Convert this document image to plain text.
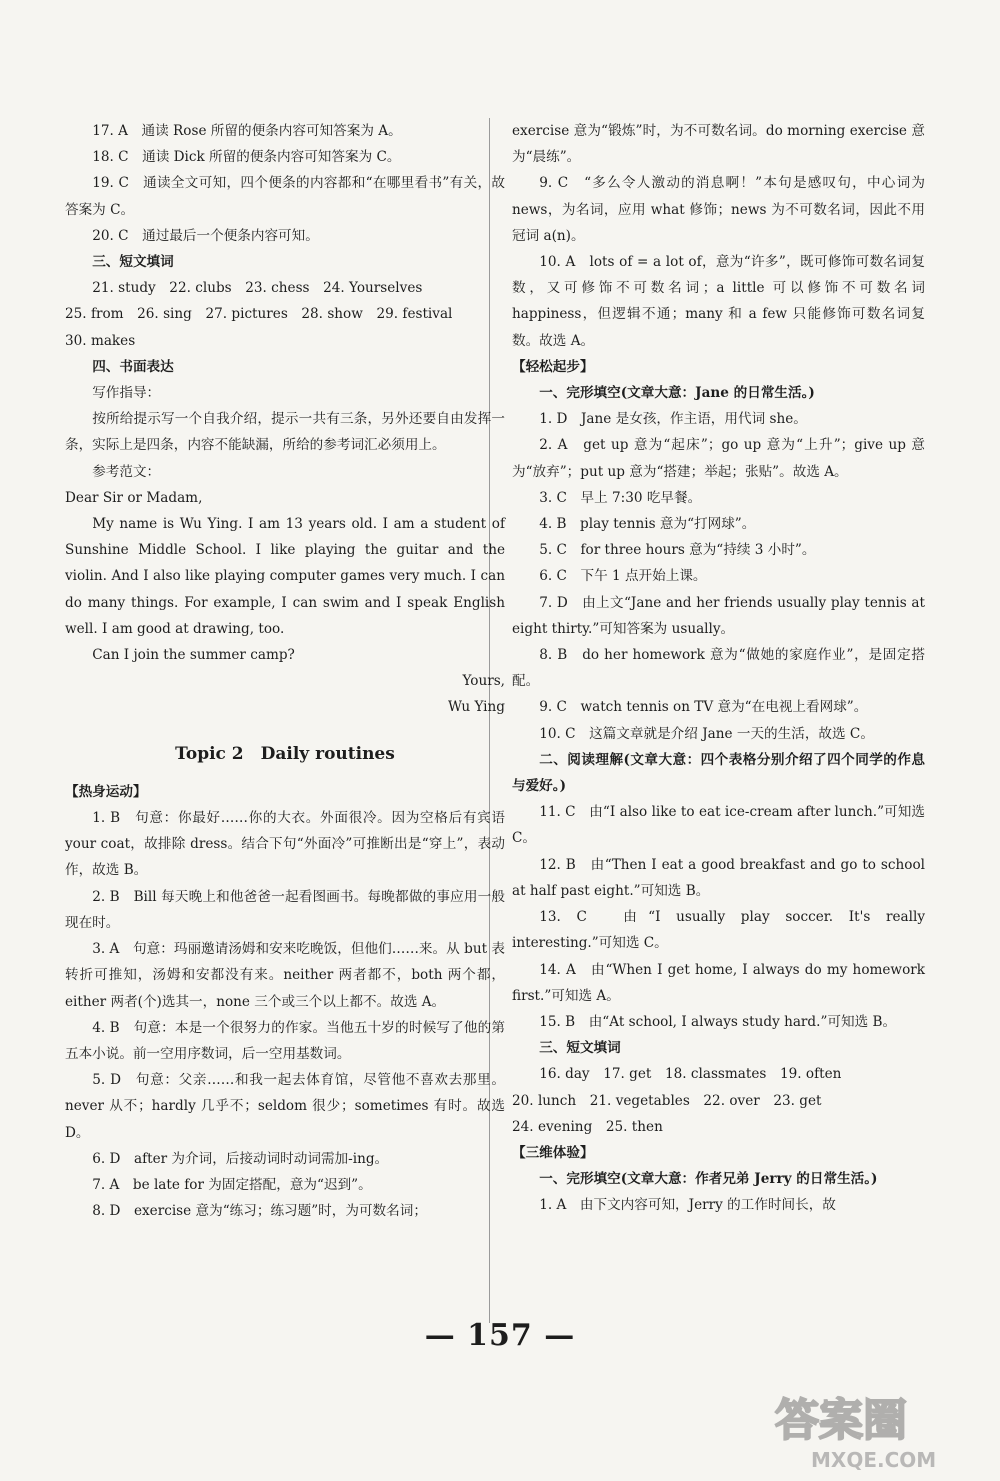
17. A　通读 Rose 所留的便条内容可知答案为 A。

18. C　通读 Dick 所留的便条内容可知答案为 C。

19. C　通读全文可知，四个便条的内容都和“在哪里看书”有关，故答案为 C。

20. C　通过最后一个便条内容可知。

三、短文填词

21. study　22. clubs　23. chess　24. Yourselves

25. from　26. sing　27. pictures　28. show　29. festival

30. makes

四、书面表达

写作指导：

按所给提示写一个自我介绍，提示一共有三条，另外还要自由发挥一条，实际上是四条，内容不能缺漏，所给的参考词汇必须用上。

参考范文：

Dear Sir or Madam,

My name is Wu Ying. I am 13 years old. I am a student of Sunshine Middle School. I like playing the guitar and the violin. And I also like playing computer games very much. I can do many things. For example, I can swim and I speak English well. I am good at drawing, too.

Can I join the summer camp?

Yours,

Wu Ying

Topic 2　Daily routines

【热身运动】

1. B　句意：你最好……你的大衣。外面很冷。因为空格后有宾语 your coat，故排除 dress。结合下句“外面冷”可推断出是“穿上”，表动作，故选 B。

2. B　Bill 每天晚上和他爸爸一起看图画书。每晚都做的事应用一般现在时。

3. A　句意：玛丽邀请汤姆和安来吃晚饭，但他们……来。从 but 表转折可推知，汤姆和安都没有来。neither 两者都不，both 两个都，either 两者(个)选其一，none 三个或三个以上都不。故选 A。

4. B　句意：本是一个很努力的作家。当他五十岁的时候写了他的第五本小说。前一空用序数词，后一空用基数词。

5. D　句意：父亲……和我一起去体育馆，尽管他不喜欢去那里。never 从不；hardly 几乎不；seldom 很少；sometimes 有时。故选 D。

6. D　after 为介词，后接动词时动词需加-ing。

7. A　be late for 为固定搭配，意为“迟到”。

8. D　exercise 意为“练习；练习题”时，为可数名词；

exercise 意为“锻炼”时，为不可数名词。do morning exercise 意为“晨练”。

9. C　“多么令人激动的消息啊！”本句是感叹句，中心词为 news，为名词，应用 what 修饰；news 为不可数名词，因此不用冠词 a(n)。

10. A　lots of = a lot of，意为“许多”，既可修饰可数名词复数，又可修饰不可数名词；a little 可以修饰不可数名词 happiness，但逻辑不通；many 和 a few 只能修饰可数名词复数。故选 A。

【轻松起步】

一、完形填空(文章大意：Jane 的日常生活。)

1. D　Jane 是女孩，作主语，用代词 she。

2. A　get up 意为“起床”；go up 意为“上升”；give up 意为“放弃”；put up 意为“搭建；举起；张贴”。故选 A。

3. C　早上 7:30 吃早餐。

4. B　play tennis 意为“打网球”。

5. C　for three hours 意为“持续 3 小时”。

6. C　下午 1 点开始上课。

7. D　由上文“Jane and her friends usually play tennis at eight thirty.”可知答案为 usually。

8. B　do her homework 意为“做她的家庭作业”，是固定搭配。

9. C　watch tennis on TV 意为“在电视上看网球”。

10. C　这篇文章就是介绍 Jane 一天的生活，故选 C。

二、阅读理解(文章大意：四个表格分别介绍了四个同学的作息与爱好。)

11. C　由“I also like to eat ice-cream after lunch.”可知选 C。

12. B　由“Then I eat a good breakfast and go to school at half past eight.”可知选 B。

13. C　由“I usually play soccer. It's really interesting.”可知选 C。

14. A　由“When I get home, I always do my homework first.”可知选 A。

15. B　由“At school, I always study hard.”可知选 B。

三、短文填词

16. day　17. get　18. classmates　19. often

20. lunch　21. vegetables　22. over　23. get

24. evening　25. then

【三维体验】

一、完形填空(文章大意：作者兄弟 Jerry 的日常生活。)

1. A　由下文内容可知，Jerry 的工作时间长，故

— 157 —
答案圈
MXQE.COM
